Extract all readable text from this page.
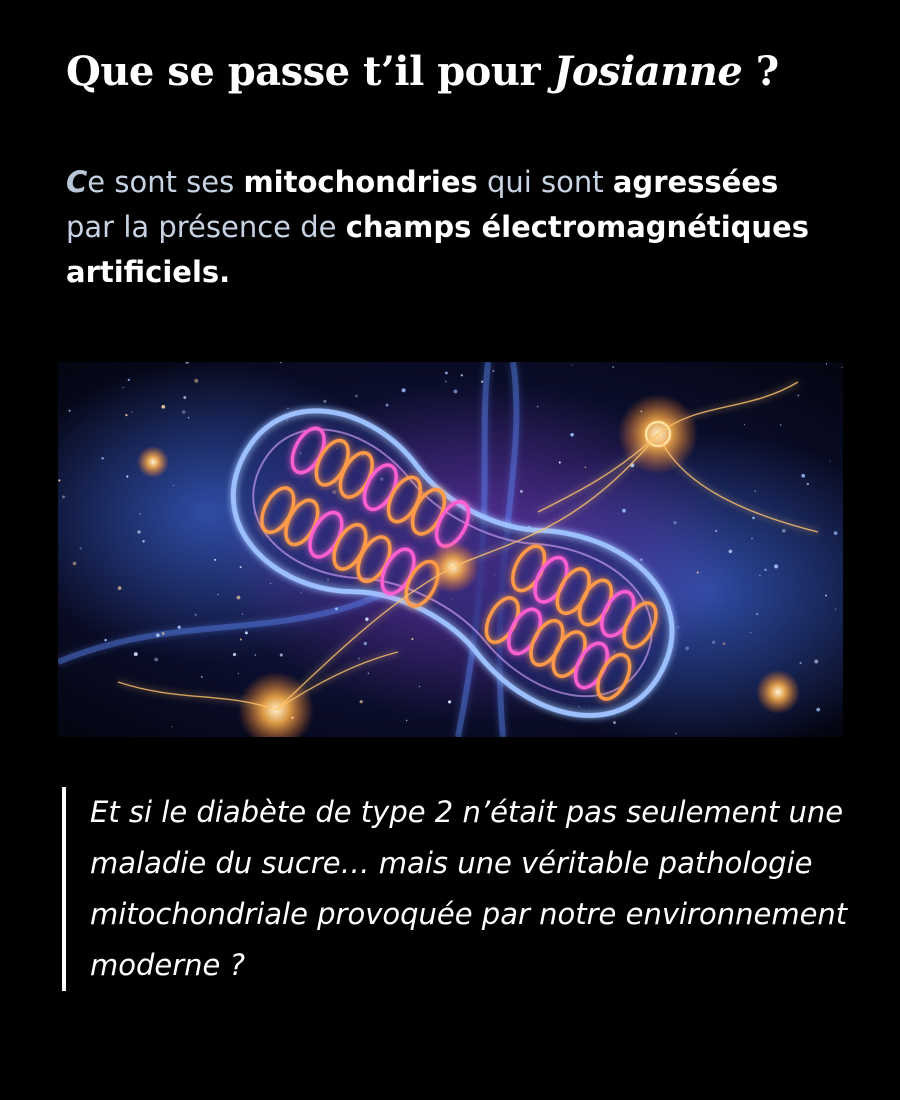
Que se passe t’il pour Josianne ?

Ce sont ses mitochondries qui sont agressées par la présence de champs électromagnétiques artificiels.

Et si le diabète de type 2 n’était pas seulement une maladie du sucre… mais une véritable pathologie mitochondriale provoquée par notre environnement moderne ?
